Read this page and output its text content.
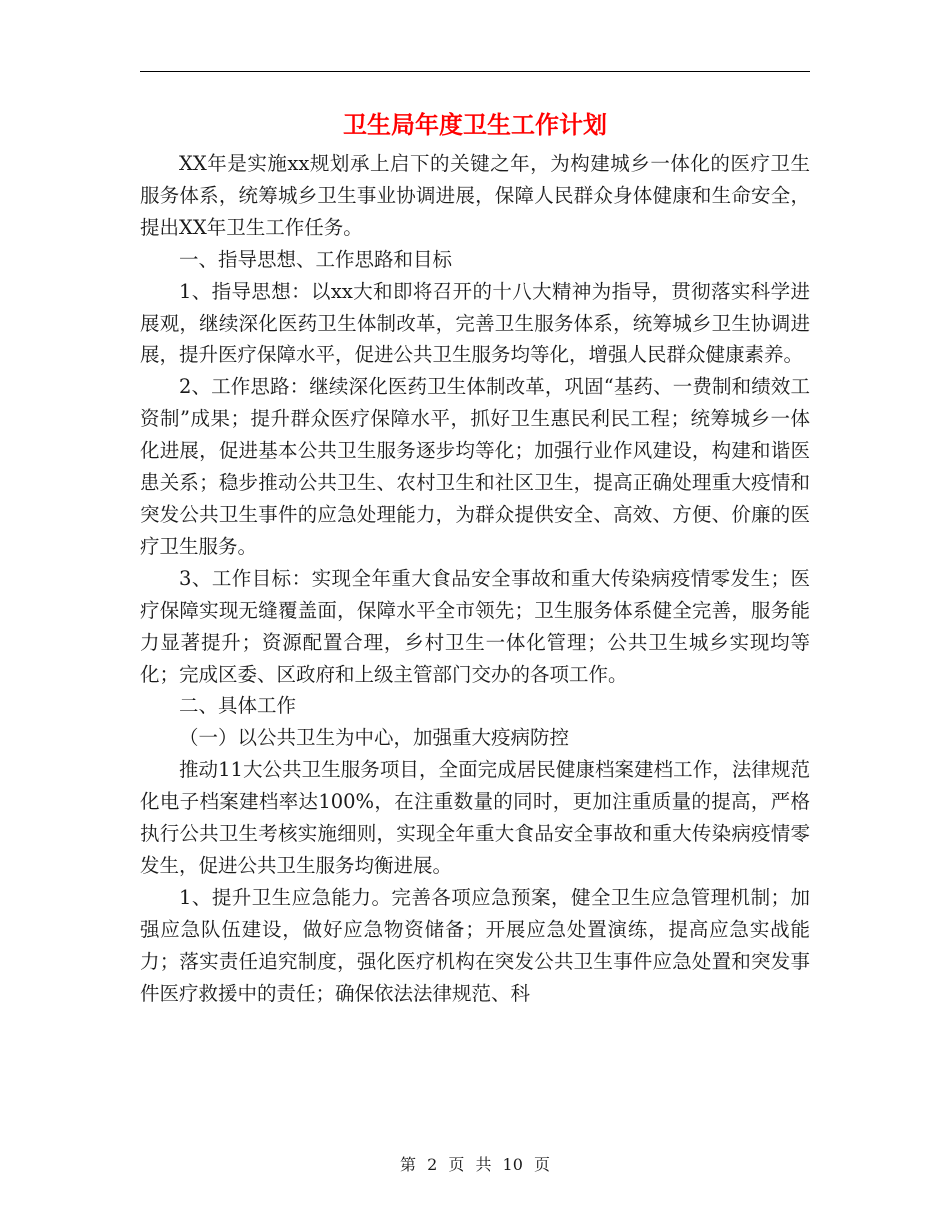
卫生局年度卫生工作计划

XX年是实施xx规划承上启下的关键之年，为构建城乡一体化的医疗卫生服务体系，统筹城乡卫生事业协调进展，保障人民群众身体健康和生命安全，提出XX年卫生工作任务。

一、指导思想、工作思路和目标

1、指导思想：以xx大和即将召开的十八大精神为指导，贯彻落实科学进展观，继续深化医药卫生体制改革，完善卫生服务体系，统筹城乡卫生协调进展，提升医疗保障水平，促进公共卫生服务均等化，增强人民群众健康素养。

2、工作思路：继续深化医药卫生体制改革，巩固“基药、一费制和绩效工资制”成果；提升群众医疗保障水平，抓好卫生惠民利民工程；统筹城乡一体化进展，促进基本公共卫生服务逐步均等化；加强行业作风建设，构建和谐医患关系；稳步推动公共卫生、农村卫生和社区卫生，提高正确处理重大疫情和突发公共卫生事件的应急处理能力，为群众提供安全、高效、方便、价廉的医疗卫生服务。

3、工作目标：实现全年重大食品安全事故和重大传染病疫情零发生；医疗保障实现无缝覆盖面，保障水平全市领先；卫生服务体系健全完善，服务能力显著提升；资源配置合理，乡村卫生一体化管理；公共卫生城乡实现均等化；完成区委、区政府和上级主管部门交办的各项工作。

二、具体工作

（一）以公共卫生为中心，加强重大疫病防控

推动11大公共卫生服务项目，全面完成居民健康档案建档工作，法律规范化电子档案建档率达100%，在注重数量的同时，更加注重质量的提高，严格执行公共卫生考核实施细则，实现全年重大食品安全事故和重大传染病疫情零发生，促进公共卫生服务均衡进展。

1、提升卫生应急能力。完善各项应急预案，健全卫生应急管理机制；加强应急队伍建设，做好应急物资储备；开展应急处置演练，提高应急实战能力；落实责任追究制度，强化医疗机构在突发公共卫生事件应急处置和突发事件医疗救援中的责任；确保依法法律规范、科

第 2 页 共 10 页
